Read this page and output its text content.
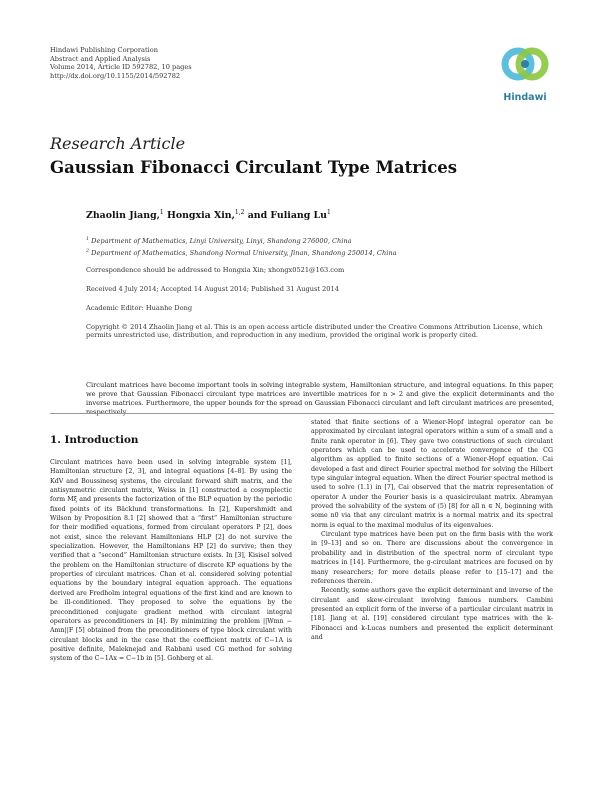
Hindawi Publishing Corporation
Abstract and Applied Analysis
Volume 2014, Article ID 592782, 10 pages
http://dx.doi.org/10.1155/2014/592782
Hindawi
Research Article
Gaussian Fibonacci Circulant Type Matrices
Zhaolin Jiang,$^1$ Hongxia Xin,$^{1,2}$ and Fuliang Lu$^1$
$^1$ Department of Mathematics, Linyi University, Linyi, Shandong 276000, China
$^2$ Department of Mathematics, Shandong Normal University, Jinan, Shandong 250014, China
Correspondence should be addressed to Hongxia Xin; xhongx0521@163.com
Received 4 July 2014; Accepted 14 August 2014; Published 31 August 2014
Academic Editor: Huanhe Dong
Copyright © 2014 Zhaolin Jiang et al. This is an open access article distributed under the Creative Commons Attribution License, which permits unrestricted use, distribution, and reproduction in any medium, provided the original work is properly cited.
Circulant matrices have become important tools in solving integrable system, Hamiltonian structure, and integral equations. In this paper, we prove that Gaussian Fibonacci circulant type matrices are invertible matrices for n > 2 and give the explicit determinants and the inverse matrices. Furthermore, the upper bounds for the spread on Gaussian Fibonacci circulant and left circulant matrices are presented, respectively.
1. Introduction

Circulant matrices have been used in solving integrable system [1], Hamiltonian structure [2, 3], and integral equations [4–8]. By using the KdV and Boussinesq systems, the circulant forward shift matrix, and the antisymmetric circulant matrix, Weiss in [1] constructed a cosymplectic form Mξ and presents the factorization of the BLP equation by the periodic fixed points of its Bäcklund transformations. In [2], Kupershmidt and Wilson by Proposition 8.1 [2] showed that a “first” Hamiltonian structure for their modified equations, formed from circulant operators P [2], does not exist, since the relevant Hamiltonians HLP [2] do not survive the specialization. However, the Hamiltonians HP [2] do survive; then they verified that a “second” Hamiltonian structure exists. In [3], Kisisel solved the problem on the Hamiltonian structure of discrete KP equations by the properties of circulant matrices. Chan et al. considered solving potential equations by the boundary integral equation approach. The equations derived are Fredholm integral equations of the first kind and are known to be ill-conditioned. They proposed to solve the equations by the preconditioned conjugate gradient method with circulant integral operators as preconditioners in [4]. By minimizing the problem ||Wmn − Amn||F [5] obtained from the preconditioners of type block circulant with circulant blocks and in the case that the coefficient matrix of C−1A is positive definite, Maleknejad and Rabbani used CG method for solving system of the C−1Ax = C−1b in [5]. Gohberg et al.

stated that finite sections of a Wiener-Hopf integral operator can be approximated by circulant integral operators within a sum of a small and a finite rank operator in [6]. They gave two constructions of such circulant operators which can be used to accelerate convergence of the CG algorithm as applied to finite sections of a Wiener-Hopf equation. Cai developed a fast and direct Fourier spectral method for solving the Hilbert type singular integral equation. When the direct Fourier spectral method is used to solve (1.1) in [7], Cai observed that the matrix representation of operator A under the Fourier basis is a quasicirculant matrix. Abramyan proved the solvability of the system of (5) [8] for all n ∈ N, beginning with some n0 via that any circulant matrix is a normal matrix and its spectral norm is equal to the maximal modulus of its eigenvalues.

Circulant type matrices have been put on the firm basis with the work in [9–13] and so on. There are discussions about the convergence in probability and in distribution of the spectral norm of circulant type matrices in [14]. Furthermore, the g-circulant matrices are focused on by many researchers; for more details please refer to [15–17] and the references therein.

Recently, some authors gave the explicit determinant and inverse of the circulant and skew-circulant involving famous numbers. Cambini presented an explicit form of the inverse of a particular circulant matrix in [18]. Jiang et al. [19] considered circulant type matrices with the k-Fibonacci and k-Lucas numbers and presented the explicit determinant and
